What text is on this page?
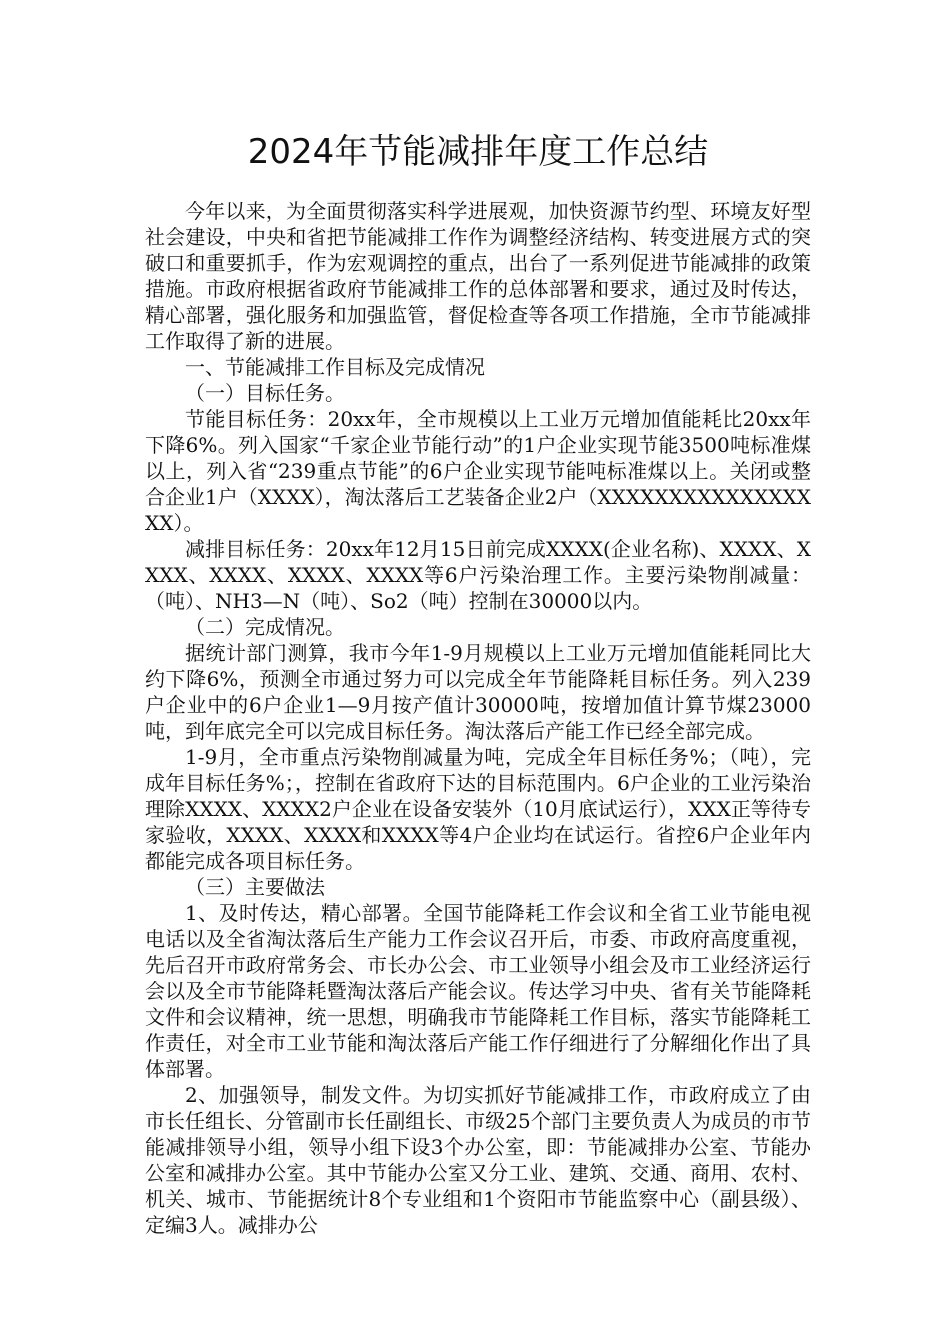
2024年节能减排年度工作总结

今年以来，为全面贯彻落实科学进展观，加快资源节约型、环境友好型社会建设，中央和省把节能减排工作作为调整经济结构、转变进展方式的突破口和重要抓手，作为宏观调控的重点，出台了一系列促进节能减排的政策措施。市政府根据省政府节能减排工作的总体部署和要求，通过及时传达，精心部署，强化服务和加强监管，督促检查等各项工作措施，全市节能减排工作取得了新的进展。

一、节能减排工作目标及完成情况

（一）目标任务。

节能目标任务：20xx年，全市规模以上工业万元增加值能耗比20xx年下降6%。列入国家“千家企业节能行动”的1户企业实现节能3500吨标准煤以上，列入省“239重点节能”的6户企业实现节能吨标准煤以上。关闭或整合企业1户（XXXX），淘汰落后工艺装备企业2户（XXXXXXXXXXXXXXXXX）。

减排目标任务：20xx年12月15日前完成XXXX(企业名称)、XXXX、XXXX、XXXX、XXXX、XXXX等6户污染治理工作。主要污染物削减量：（吨）、NH3—N（吨）、So2（吨）控制在30000以内。

（二）完成情况。

据统计部门测算，我市今年1-9月规模以上工业万元增加值能耗同比大约下降6%，预测全市通过努力可以完成全年节能降耗目标任务。列入239户企业中的6户企业1—9月按产值计30000吨，按增加值计算节煤23000吨，到年底完全可以完成目标任务。淘汰落后产能工作已经全部完成。

1-9月，全市重点污染物削减量为吨，完成全年目标任务%；（吨），完成年目标任务%；，控制在省政府下达的目标范围内。6户企业的工业污染治理除XXXX、XXXX2户企业在设备安装外（10月底试运行），XXX正等待专家验收，XXXX、XXXX和XXXX等4户企业均在试运行。省控6户企业年内都能完成各项目标任务。

（三）主要做法

1、及时传达，精心部署。全国节能降耗工作会议和全省工业节能电视电话以及全省淘汰落后生产能力工作会议召开后，市委、市政府高度重视，先后召开市政府常务会、市长办公会、市工业领导小组会及市工业经济运行会以及全市节能降耗暨淘汰落后产能会议。传达学习中央、省有关节能降耗文件和会议精神，统一思想，明确我市节能降耗工作目标，落实节能降耗工作责任，对全市工业节能和淘汰落后产能工作仔细进行了分解细化作出了具体部署。

2、加强领导，制发文件。为切实抓好节能减排工作，市政府成立了由市长任组长、分管副市长任副组长、市级25个部门主要负责人为成员的市节能减排领导小组，领导小组下设3个办公室，即：节能减排办公室、节能办公室和减排办公室。其中节能办公室又分工业、建筑、交通、商用、农村、机关、城市、节能据统计8个专业组和1个资阳市节能监察中心（副县级）、定编3人。减排办公
